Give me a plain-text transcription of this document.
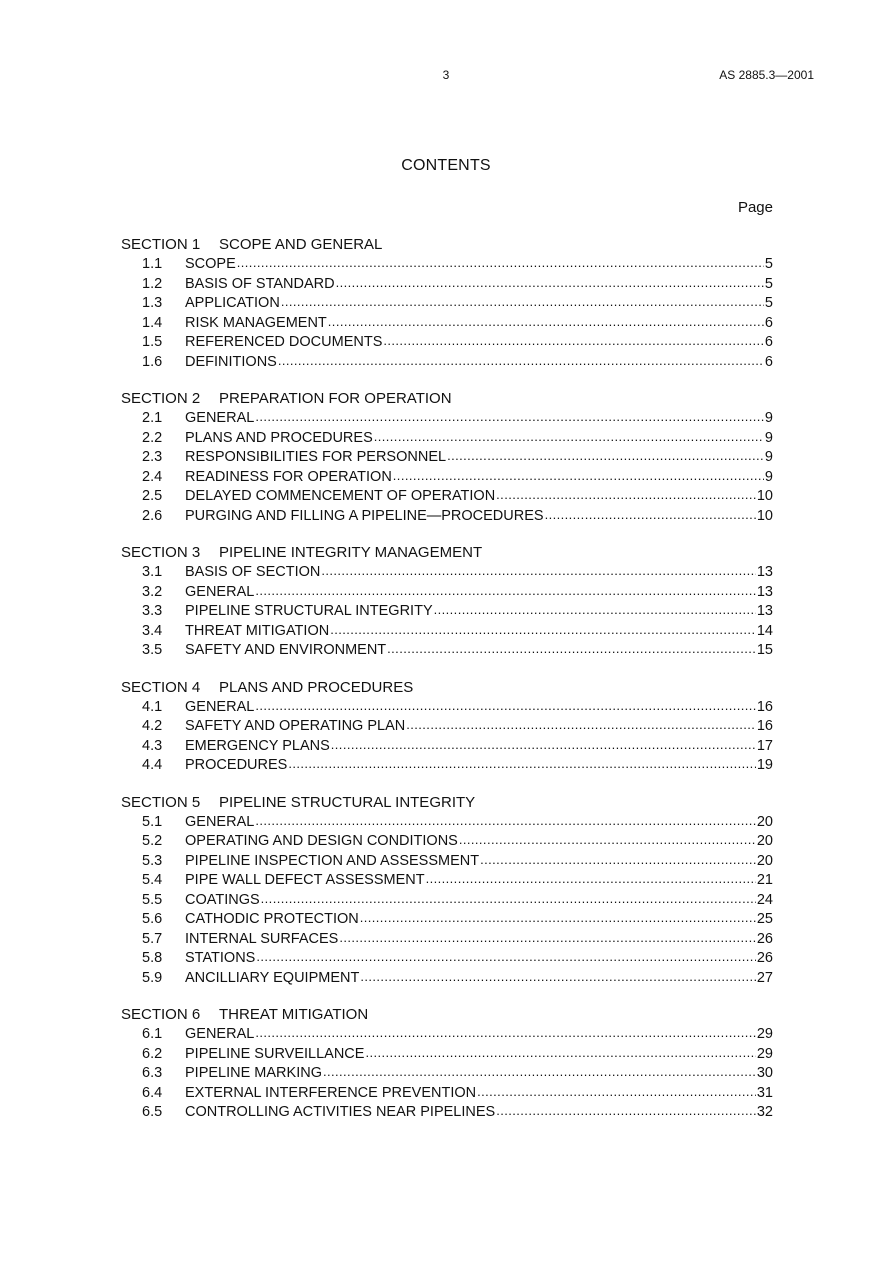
3	AS 2885.3—2001
CONTENTS
Page
SECTION 1 SCOPE AND GENERAL
1.1	SCOPE .....	5
1.2	BASIS OF STANDARD .....	5
1.3	APPLICATION .....	5
1.4	RISK MANAGEMENT .....	6
1.5	REFERENCED DOCUMENTS .....	6
1.6	DEFINITIONS .....	6
SECTION 2 PREPARATION FOR OPERATION
2.1	GENERAL .....	9
2.2	PLANS AND PROCEDURES .....	9
2.3	RESPONSIBILITIES FOR PERSONNEL .....	9
2.4	READINESS FOR OPERATION .....	9
2.5	DELAYED COMMENCEMENT OF OPERATION .....	10
2.6	PURGING AND FILLING A PIPELINE—PROCEDURES .....	10
SECTION 3 PIPELINE INTEGRITY MANAGEMENT
3.1	BASIS OF SECTION .....	13
3.2	GENERAL .....	13
3.3	PIPELINE STRUCTURAL INTEGRITY .....	13
3.4	THREAT MITIGATION .....	14
3.5	SAFETY AND ENVIRONMENT .....	15
SECTION 4 PLANS AND PROCEDURES
4.1	GENERAL .....	16
4.2	SAFETY AND OPERATING PLAN .....	16
4.3	EMERGENCY PLANS .....	17
4.4	PROCEDURES .....	19
SECTION 5 PIPELINE STRUCTURAL INTEGRITY
5.1	GENERAL .....	20
5.2	OPERATING AND DESIGN CONDITIONS .....	20
5.3	PIPELINE INSPECTION AND ASSESSMENT .....	20
5.4	PIPE WALL DEFECT ASSESSMENT .....	21
5.5	COATINGS .....	24
5.6	CATHODIC PROTECTION .....	25
5.7	INTERNAL SURFACES .....	26
5.8	STATIONS .....	26
5.9	ANCILLIARY EQUIPMENT .....	27
SECTION 6 THREAT MITIGATION
6.1	GENERAL .....	29
6.2	PIPELINE SURVEILLANCE .....	29
6.3	PIPELINE MARKING .....	30
6.4	EXTERNAL INTERFERENCE PREVENTION .....	31
6.5	CONTROLLING ACTIVITIES NEAR PIPELINES .....	32
